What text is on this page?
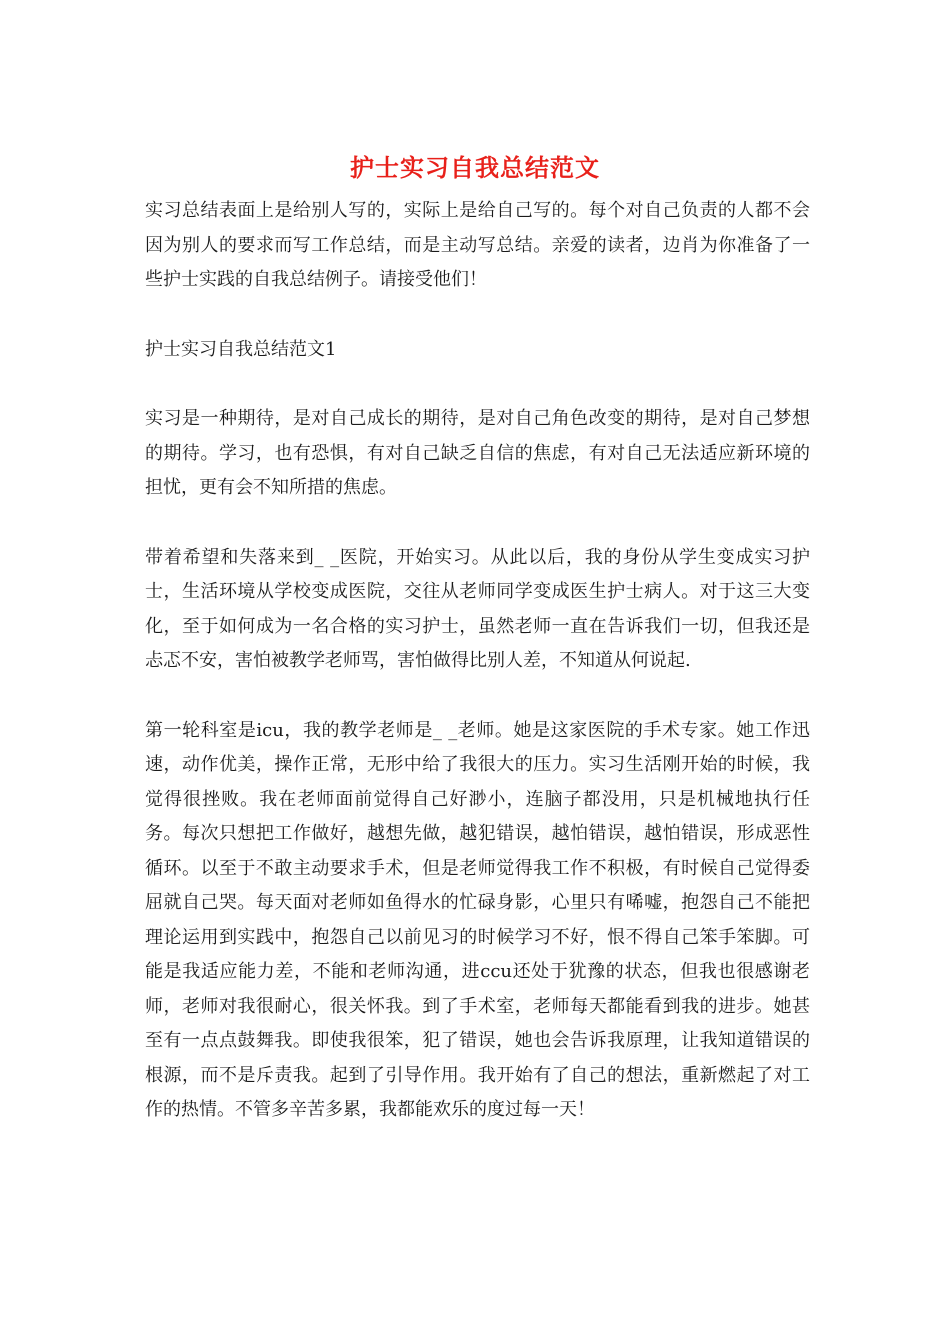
护士实习自我总结范文

实习总结表面上是给别人写的，实际上是给自己写的。每个对自己负责的人都不会因为别人的要求而写工作总结，而是主动写总结。亲爱的读者，边肖为你准备了一些护士实践的自我总结例子。请接受他们！

护士实习自我总结范文1

实习是一种期待，是对自己成长的期待，是对自己角色改变的期待，是对自己梦想的期待。学习，也有恐惧，有对自己缺乏自信的焦虑，有对自己无法适应新环境的担忧，更有会不知所措的焦虑。

带着希望和失落来到_ _医院，开始实习。从此以后，我的身份从学生变成实习护士，生活环境从学校变成医院，交往从老师同学变成医生护士病人。对于这三大变化，至于如何成为一名合格的实习护士，虽然老师一直在告诉我们一切，但我还是忐忑不安，害怕被教学老师骂，害怕做得比别人差，不知道从何说起.

第一轮科室是icu，我的教学老师是_ _老师。她是这家医院的手术专家。她工作迅速，动作优美，操作正常，无形中给了我很大的压力。实习生活刚开始的时候，我觉得很挫败。我在老师面前觉得自己好渺小，连脑子都没用，只是机械地执行任务。每次只想把工作做好，越想先做，越犯错误，越怕错误，越怕错误，形成恶性循环。以至于不敢主动要求手术，但是老师觉得我工作不积极，有时候自己觉得委屈就自己哭。每天面对老师如鱼得水的忙碌身影，心里只有唏嘘，抱怨自己不能把理论运用到实践中，抱怨自己以前见习的时候学习不好，恨不得自己笨手笨脚。可能是我适应能力差，不能和老师沟通，进ccu还处于犹豫的状态，但我也很感谢老师，老师对我很耐心，很关怀我。到了手术室，老师每天都能看到我的进步。她甚至有一点点鼓舞我。即使我很笨，犯了错误，她也会告诉我原理，让我知道错误的根源，而不是斥责我。起到了引导作用。我开始有了自己的想法，重新燃起了对工作的热情。不管多辛苦多累，我都能欢乐的度过每一天！
